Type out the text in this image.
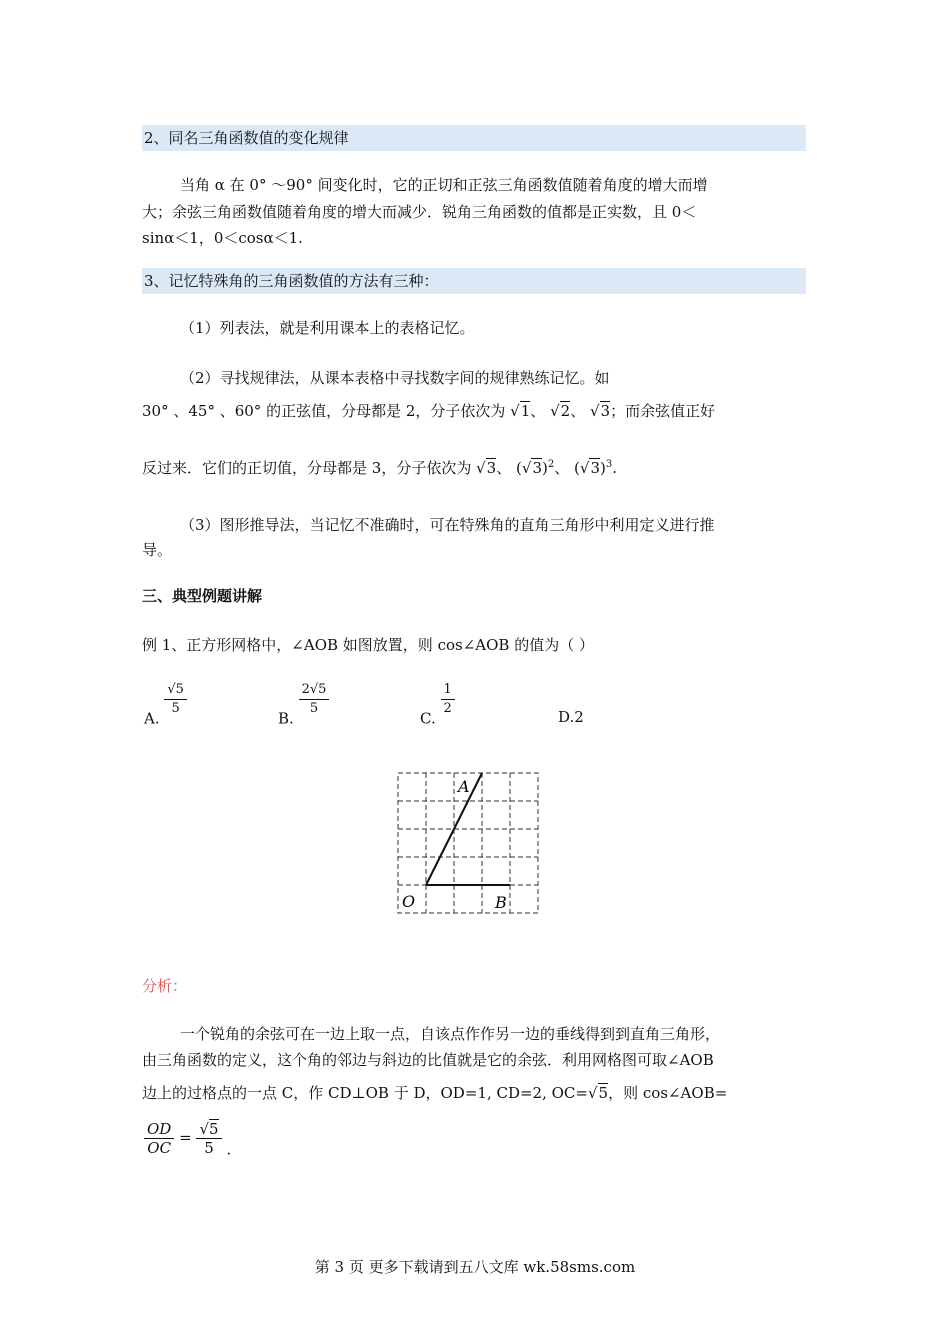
2、同名三角函数值的变化规律
当角 α 在 0° ～90° 间变化时，它的正切和正弦三角函数值随着角度的增大而增
大；余弦三角函数值随着角度的增大而减少．锐角三角函数的值都是正实数，且 0＜
sinα＜1，0＜cosα＜1.
3、记忆特殊角的三角函数值的方法有三种：
（1）列表法，就是利用课本上的表格记忆。
（2）寻找规律法，从课本表格中寻找数字间的规律熟练记忆。如
30° 、45° 、60° 的正弦值，分母都是 2，分子依次为 √1、 √2、 √3；而余弦值正好
反过来．它们的正切值，分母都是 3，分子依次为 √3、 $(√3)^2$、 $(√3)^3$.
（3）图形推导法，当记忆不准确时，可在特殊角的直角三角形中利用定义进行推
导。
三、典型例题讲解
例 1、正方形网格中，∠AOB 如图放置，则 cos∠AOB 的值为（ ）
A.
$\frac{√5}{5}$
B.
$\frac{2√5}{5}$
C.
$\frac{1}{2}$
D.2
A
O	B
分析：
一个锐角的余弦可在一边上取一点，自该点作作另一边的垂线得到到直角三角形，
由三角函数的定义，这个角的邻边与斜边的比值就是它的余弦．利用网格图可取∠AOB
边上的过格点的一点 C，作 CD⊥OB 于 D，OD=1, CD=2, OC=√5，则 cos∠AOB=
$\frac{OD}{OC} = \frac{√5}{5}$ .
第 3 页 更多下载请到五八文库 wk.58sms.com
